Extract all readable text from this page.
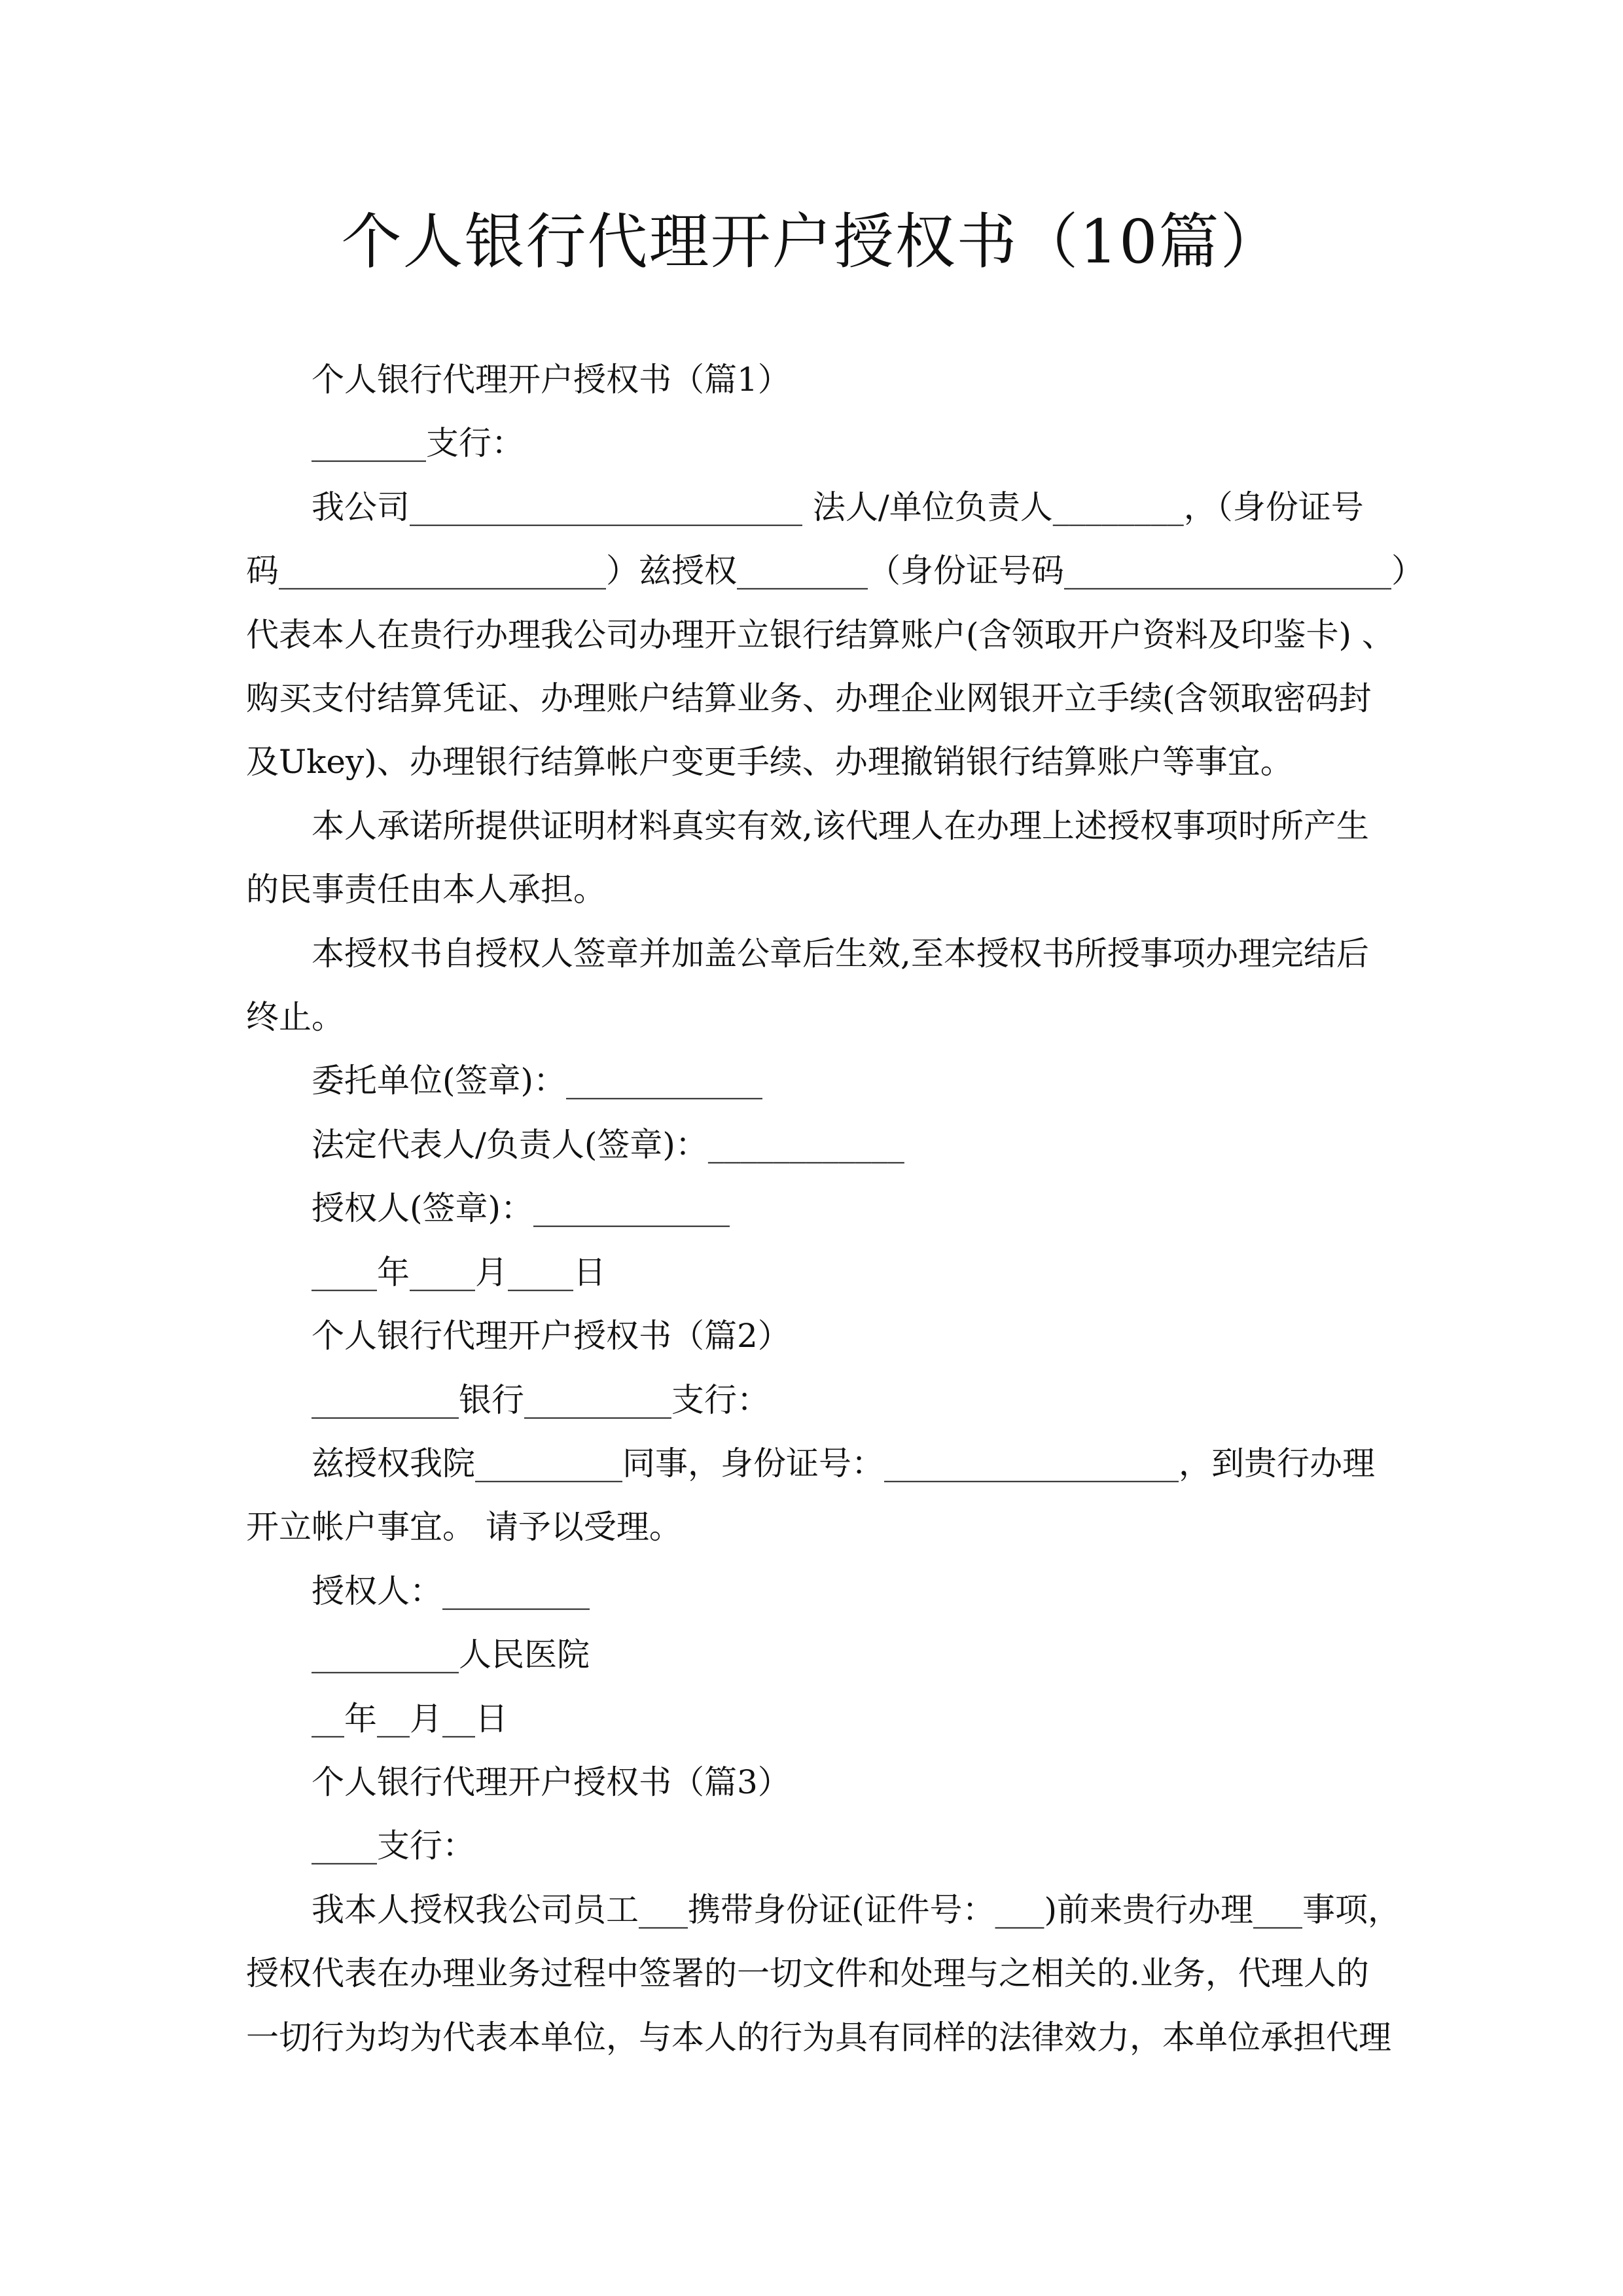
个人银行代理开户授权书（10篇）

个人银行代理开户授权书（篇1）

_______支行：

我公司________________________ 法人/单位负责人________，（身份证号

码____________________）兹授权________（身份证号码____________________）

代表本人在贵行办理我公司办理开立银行结算账户(含领取开户资料及印鉴卡) 、

购买支付结算凭证、办理账户结算业务、办理企业网银开立手续(含领取密码封

及Ukey)、办理银行结算帐户变更手续、办理撤销银行结算账户等事宜。

本人承诺所提供证明材料真实有效,该代理人在办理上述授权事项时所产生

的民事责任由本人承担。

本授权书自授权人签章并加盖公章后生效,至本授权书所授事项办理完结后

终止。

委托单位(签章)：____________

法定代表人/负责人(签章)：____________

授权人(签章)：____________

____年____月____日

个人银行代理开户授权书（篇2）

_________银行_________支行：

兹授权我院_________同事，身份证号：__________________，到贵行办理

开立帐户事宜。 请予以受理。

授权人：_________

_________人民医院

__年__月__日

个人银行代理开户授权书（篇3）

____支行：

我本人授权我公司员工___携带身份证(证件号：___)前来贵行办理___事项，

授权代表在办理业务过程中签署的一切文件和处理与之相关的.业务，代理人的

一切行为均为代表本单位，与本人的行为具有同样的法律效力，本单位承担代理
